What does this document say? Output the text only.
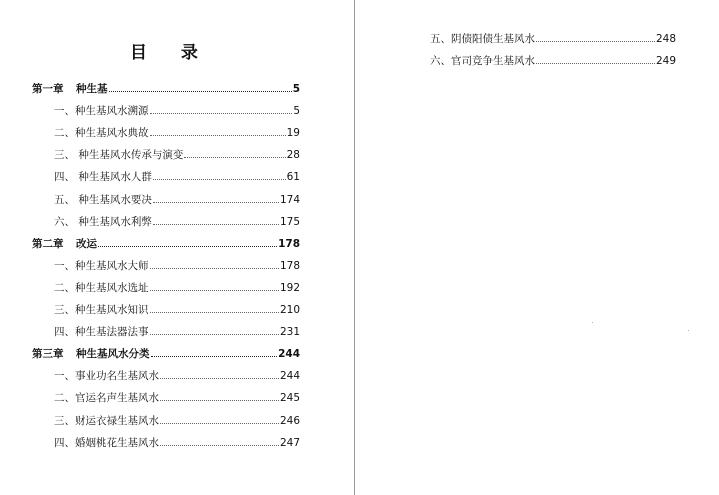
目 录
第一章 种生基	5
一、种生基风水溯源	5
二、种生基风水典故	19
三、 种生基风水传承与演变	28
四、 种生基风水人群	61
五、 种生基风水要决	174
六、 种生基风水利弊	175
第二章 改运	178
一、种生基风水大师	178
二、种生基风水选址	192
三、种生基风水知识	210
四、种生基法器法事	231
第三章 种生基风水分类	244
一、事业功名生基风水	244
二、官运名声生基风水	245
三、财运衣禄生基风水	246
四、婚姻桃花生基风水	247
五、阴债阳债生基风水	248
六、官司竞争生基风水	249
